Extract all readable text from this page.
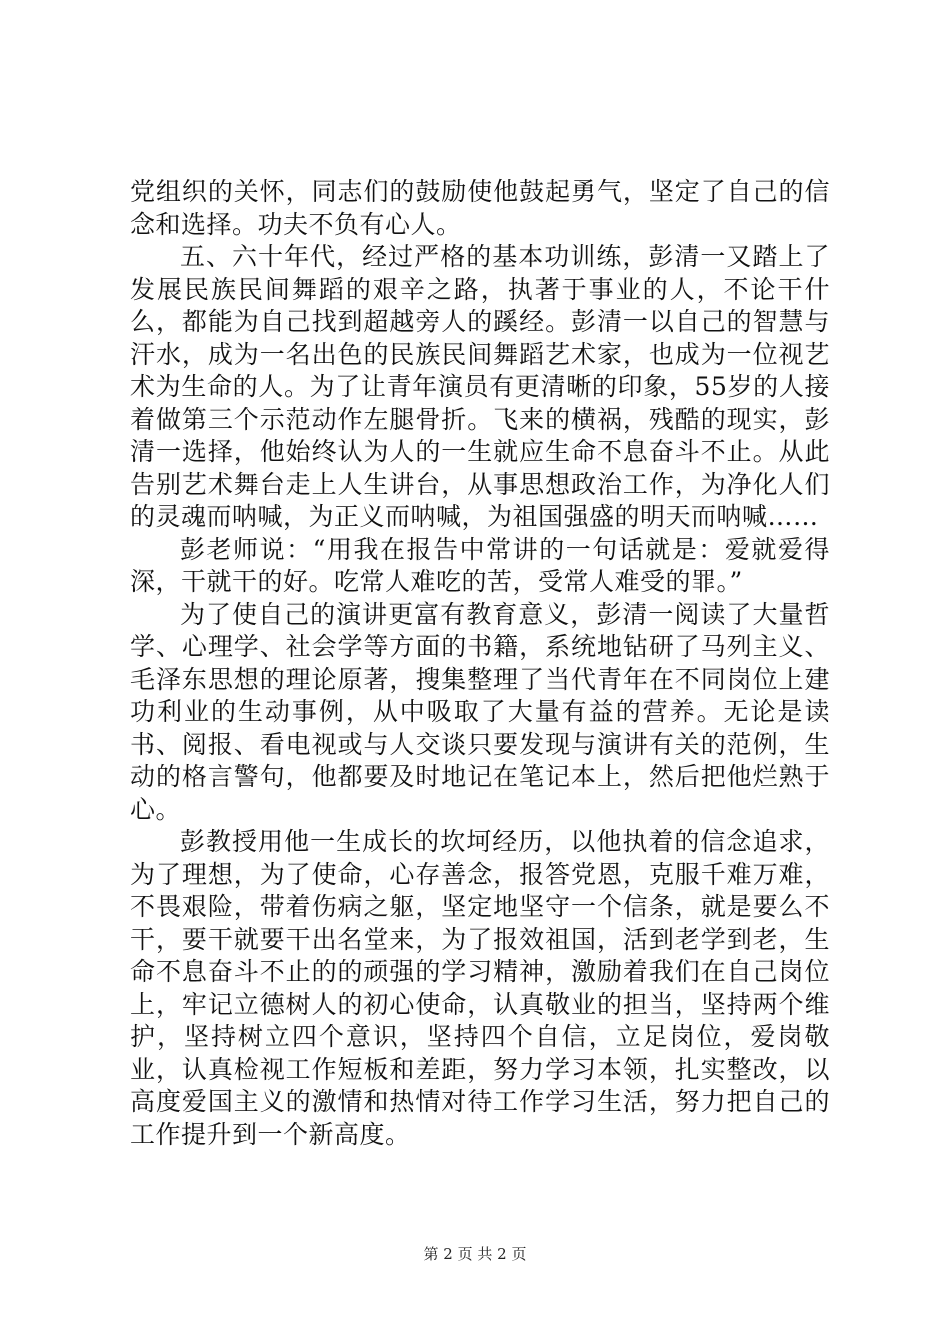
党组织的关怀，同志们的鼓励使他鼓起勇气，坚定了自己的信念和选择。功夫不负有心人。

五、六十年代，经过严格的基本功训练，彭清一又踏上了发展民族民间舞蹈的艰辛之路，执著于事业的人，不论干什么，都能为自己找到超越旁人的蹊经。彭清一以自己的智慧与汗水，成为一名出色的民族民间舞蹈艺术家，也成为一位视艺术为生命的人。为了让青年演员有更清晰的印象，55岁的人接着做第三个示范动作左腿骨折。飞来的横祸，残酷的现实，彭清一选择，他始终认为人的一生就应生命不息奋斗不止。从此告别艺术舞台走上人生讲台，从事思想政治工作，为净化人们的灵魂而呐喊，为正义而呐喊，为祖国强盛的明天而呐喊……

彭老师说：“用我在报告中常讲的一句话就是：爱就爱得深，干就干的好。吃常人难吃的苦，受常人难受的罪。”

为了使自己的演讲更富有教育意义，彭清一阅读了大量哲学、心理学、社会学等方面的书籍，系统地钻研了马列主义、毛泽东思想的理论原著，搜集整理了当代青年在不同岗位上建功利业的生动事例，从中吸取了大量有益的营养。无论是读书、阅报、看电视或与人交谈只要发现与演讲有关的范例，生动的格言警句，他都要及时地记在笔记本上，然后把他烂熟于心。

彭教授用他一生成长的坎坷经历，以他执着的信念追求，为了理想，为了使命，心存善念，报答党恩，克服千难万难，不畏艰险，带着伤病之躯，坚定地坚守一个信条，就是要么不干，要干就要干出名堂来，为了报效祖国，活到老学到老，生命不息奋斗不止的的顽强的学习精神，激励着我们在自己岗位上，牢记立德树人的初心使命，认真敬业的担当，坚持两个维护，坚持树立四个意识，坚持四个自信，立足岗位，爱岗敬业，认真检视工作短板和差距，努力学习本领，扎实整改，以高度爱国主义的激情和热情对待工作学习生活，努力把自己的工作提升到一个新高度。

第 2 页 共 2 页
